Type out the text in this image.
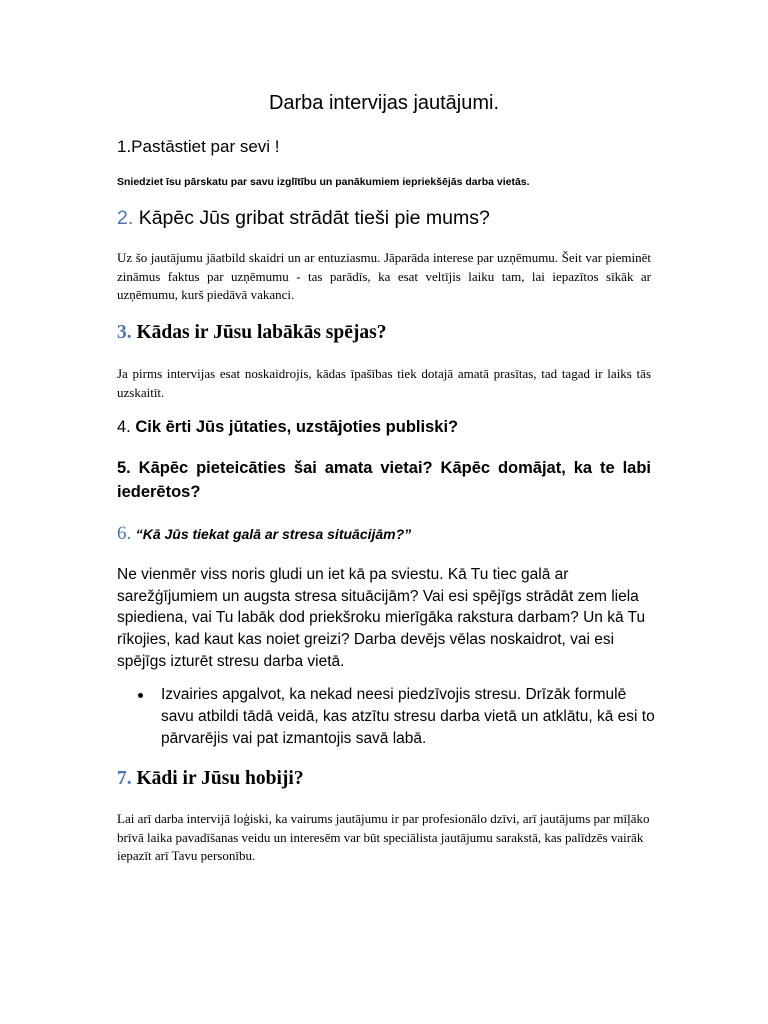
Darba intervijas jautājumi.
1.Pastāstiet par sevi !
Sniedziet īsu pārskatu par savu izglītību un panākumiem iepriekšējās darba vietās.
2. Kāpēc Jūs gribat strādāt tieši pie mums?
Uz šo jautājumu jāatbild skaidri un ar entuziasmu. Jāparāda interese par uzņēmumu. Šeit var pieminēt zināmus faktus par uzņēmumu - tas parādīs, ka esat veltījis laiku tam, lai iepazītos sīkāk ar uzņēmumu, kurš piedāvā vakanci.
3. Kādas ir Jūsu labākās spējas?
Ja pirms intervijas esat noskaidrojis, kādas īpašības tiek dotajā amatā prasītas, tad tagad ir laiks tās uzskaitīt.
4. Cik ērti Jūs jūtaties, uzstājoties publiski?
5. Kāpēc pieteicāties šai amata vietai? Kāpēc domājat, ka te labi iederētos?
6. “Kā Jūs tiekat galā ar stresa situācijām?”
Ne vienmēr viss noris gludi un iet kā pa sviestu. Kā Tu tiec galā ar sarežģījumiem un augsta stresa situācijām? Vai esi spējīgs strādāt zem liela spiediena, vai Tu labāk dod priekšroku mierīgāka rakstura darbam? Un kā Tu rīkojies, kad kaut kas noiet greizi? Darba devējs vēlas noskaidrot, vai esi spējīgs izturēt stresu darba vietā.
Izvairies apgalvot, ka nekad neesi piedzīvojis stresu. Drīzāk formulē savu atbildi tādā veidā, kas atzītu stresu darba vietā un atklātu, kā esi to pārvarējis vai pat izmantojis savā labā.
7. Kādi ir Jūsu hobiji?
Lai arī darba intervijā loģiski, ka vairums jautājumu ir par profesionālo dzīvi, arī jautājums par mīļāko brīvā laika pavadīšanas veidu un interesēm var būt speciālista jautājumu sarakstā, kas palīdzēs vairāk iepazīt arī Tavu personību.
